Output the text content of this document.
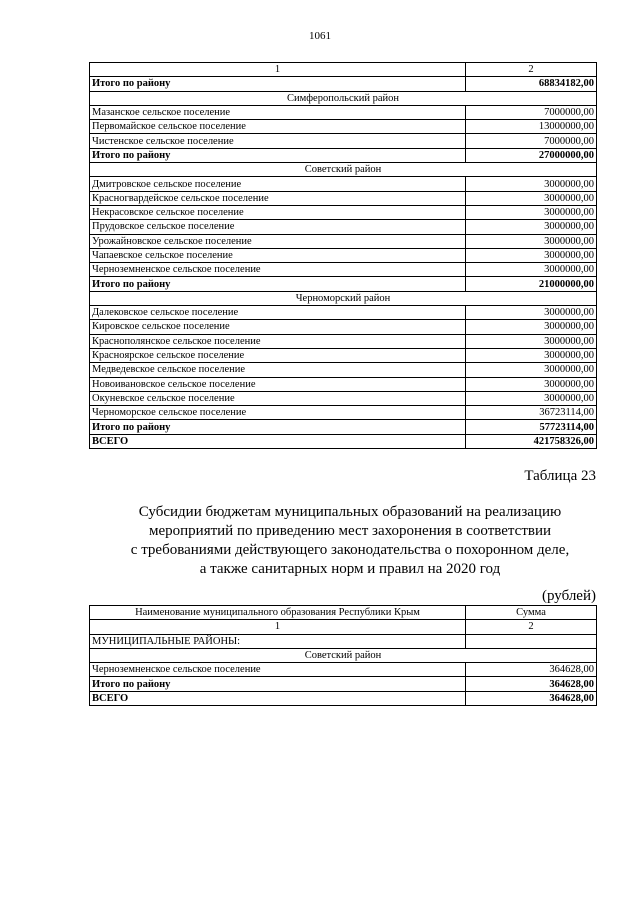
1061
1	2
Итого по району	68834182,00
Симферопольский район	
Мазанское сельское поселение	7000000,00
Первомайское сельское поселение	13000000,00
Чистенское сельское поселение	7000000,00
Итого по району	27000000,00
Советский район	
Дмитровское сельское поселение	3000000,00
Красногвардейское сельское поселение	3000000,00
Некрасовское сельское поселение	3000000,00
Прудовское сельское поселение	3000000,00
Урожайновское сельское поселение	3000000,00
Чапаевское сельское поселение	3000000,00
Черноземненское сельское поселение	3000000,00
Итого по району	21000000,00
Черноморский район	
Далековское сельское поселение	3000000,00
Кировское сельское поселение	3000000,00
Краснополянское сельское поселение	3000000,00
Краснoярское сельское поселение	3000000,00
Медведевское сельское поселение	3000000,00
Новоивановское сельское поселение	3000000,00
Окуневское сельское поселение	3000000,00
Черноморское сельское поселение	36723114,00
Итого по району	57723114,00
ВСЕГО	421758326,00
Таблица 23
Субсидии бюджетам муниципальных образований на реализацию
мероприятий по приведению мест захоронения в соответствии
с требованиями действующего законодательства о похоронном деле,
а также санитарных норм и правил на 2020 год
(рублей)
Наименование муниципального образования Республики Крым	Сумма
1	2
МУНИЦИПАЛЬНЫЕ РАЙОНЫ:	
Советский район	
Черноземненское сельское поселение	364628,00
Итого по району	364628,00
ВСЕГО	364628,00
